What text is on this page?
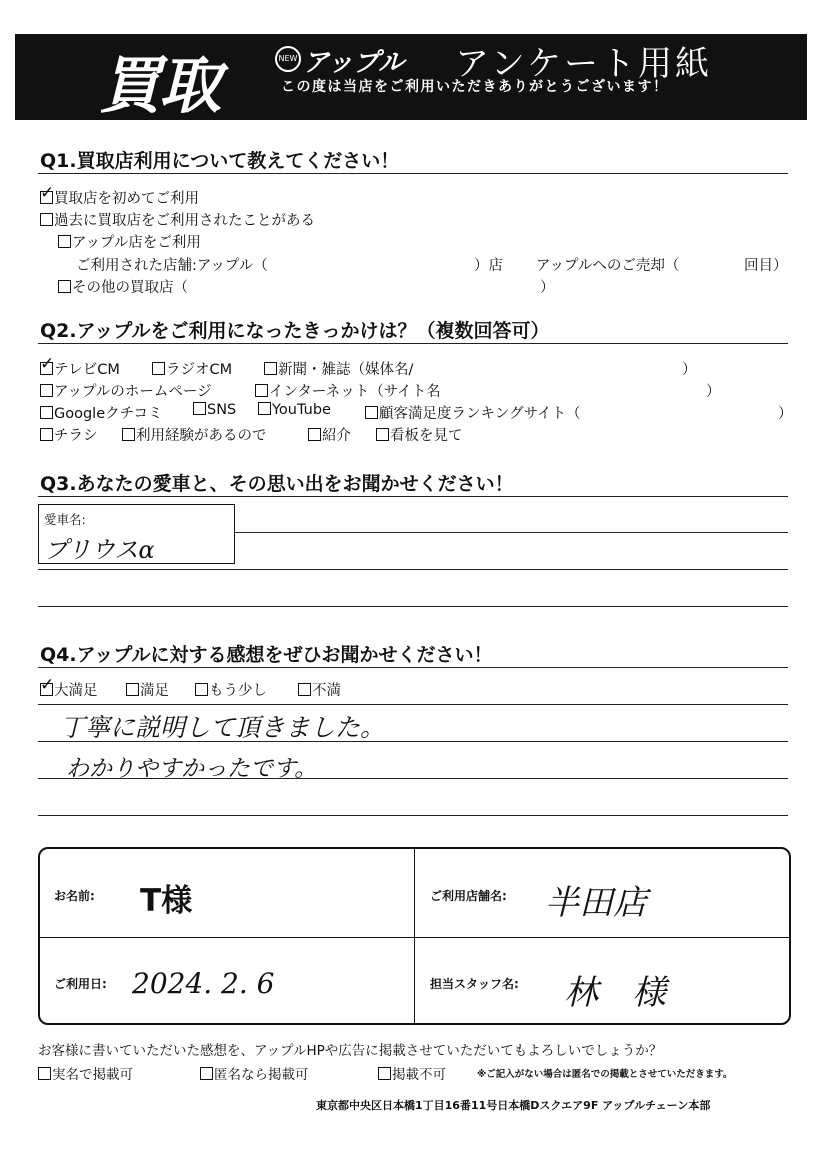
買取	NEW アップル アンケート用紙
この度は当店をご利用いただきありがとうございます！
Q1.買取店利用について教えてください！
✓買取店を初めてご利用
過去に買取店をご利用されたことがある
アップル店をご利用
ご利用された店舗:アップル（	）店 アップルへのご売却（	回目）
その他の買取店（	）
Q2.アップルをご利用になったきっかけは？（複数回答可）
✓テレビCM	ラジオCM	新聞・雑誌（媒体名/	）
アップルのホームページ	インターネット（サイト名	）
Googleクチコミ	SNS	YouTube	顧客満足度ランキングサイト（	）
チラシ	利用経験があるので	紹介	看板を見て
Q3.あなたの愛車と、その思い出をお聞かせください！
愛車名:
プリウスα
Q4.アップルに対する感想をぜひお聞かせください！
✓大満足	満足	もう少し	不満
丁寧に説明して頂きました。
わかりやすかったです。
お名前: T様	ご利用店舗名: 半田店
ご利用日: 2024. 2. 6	担当スタッフ名: 林　様
お客様に書いていただいた感想を、アップルHPや広告に掲載させていただいてもよろしいでしょうか？
実名で掲載可	匿名なら掲載可	掲載不可	※ご記入がない場合は匿名での掲載とさせていただきます。
東京都中央区日本橋1丁目16番11号日本橋Dスクエア9F アップルチェーン本部
